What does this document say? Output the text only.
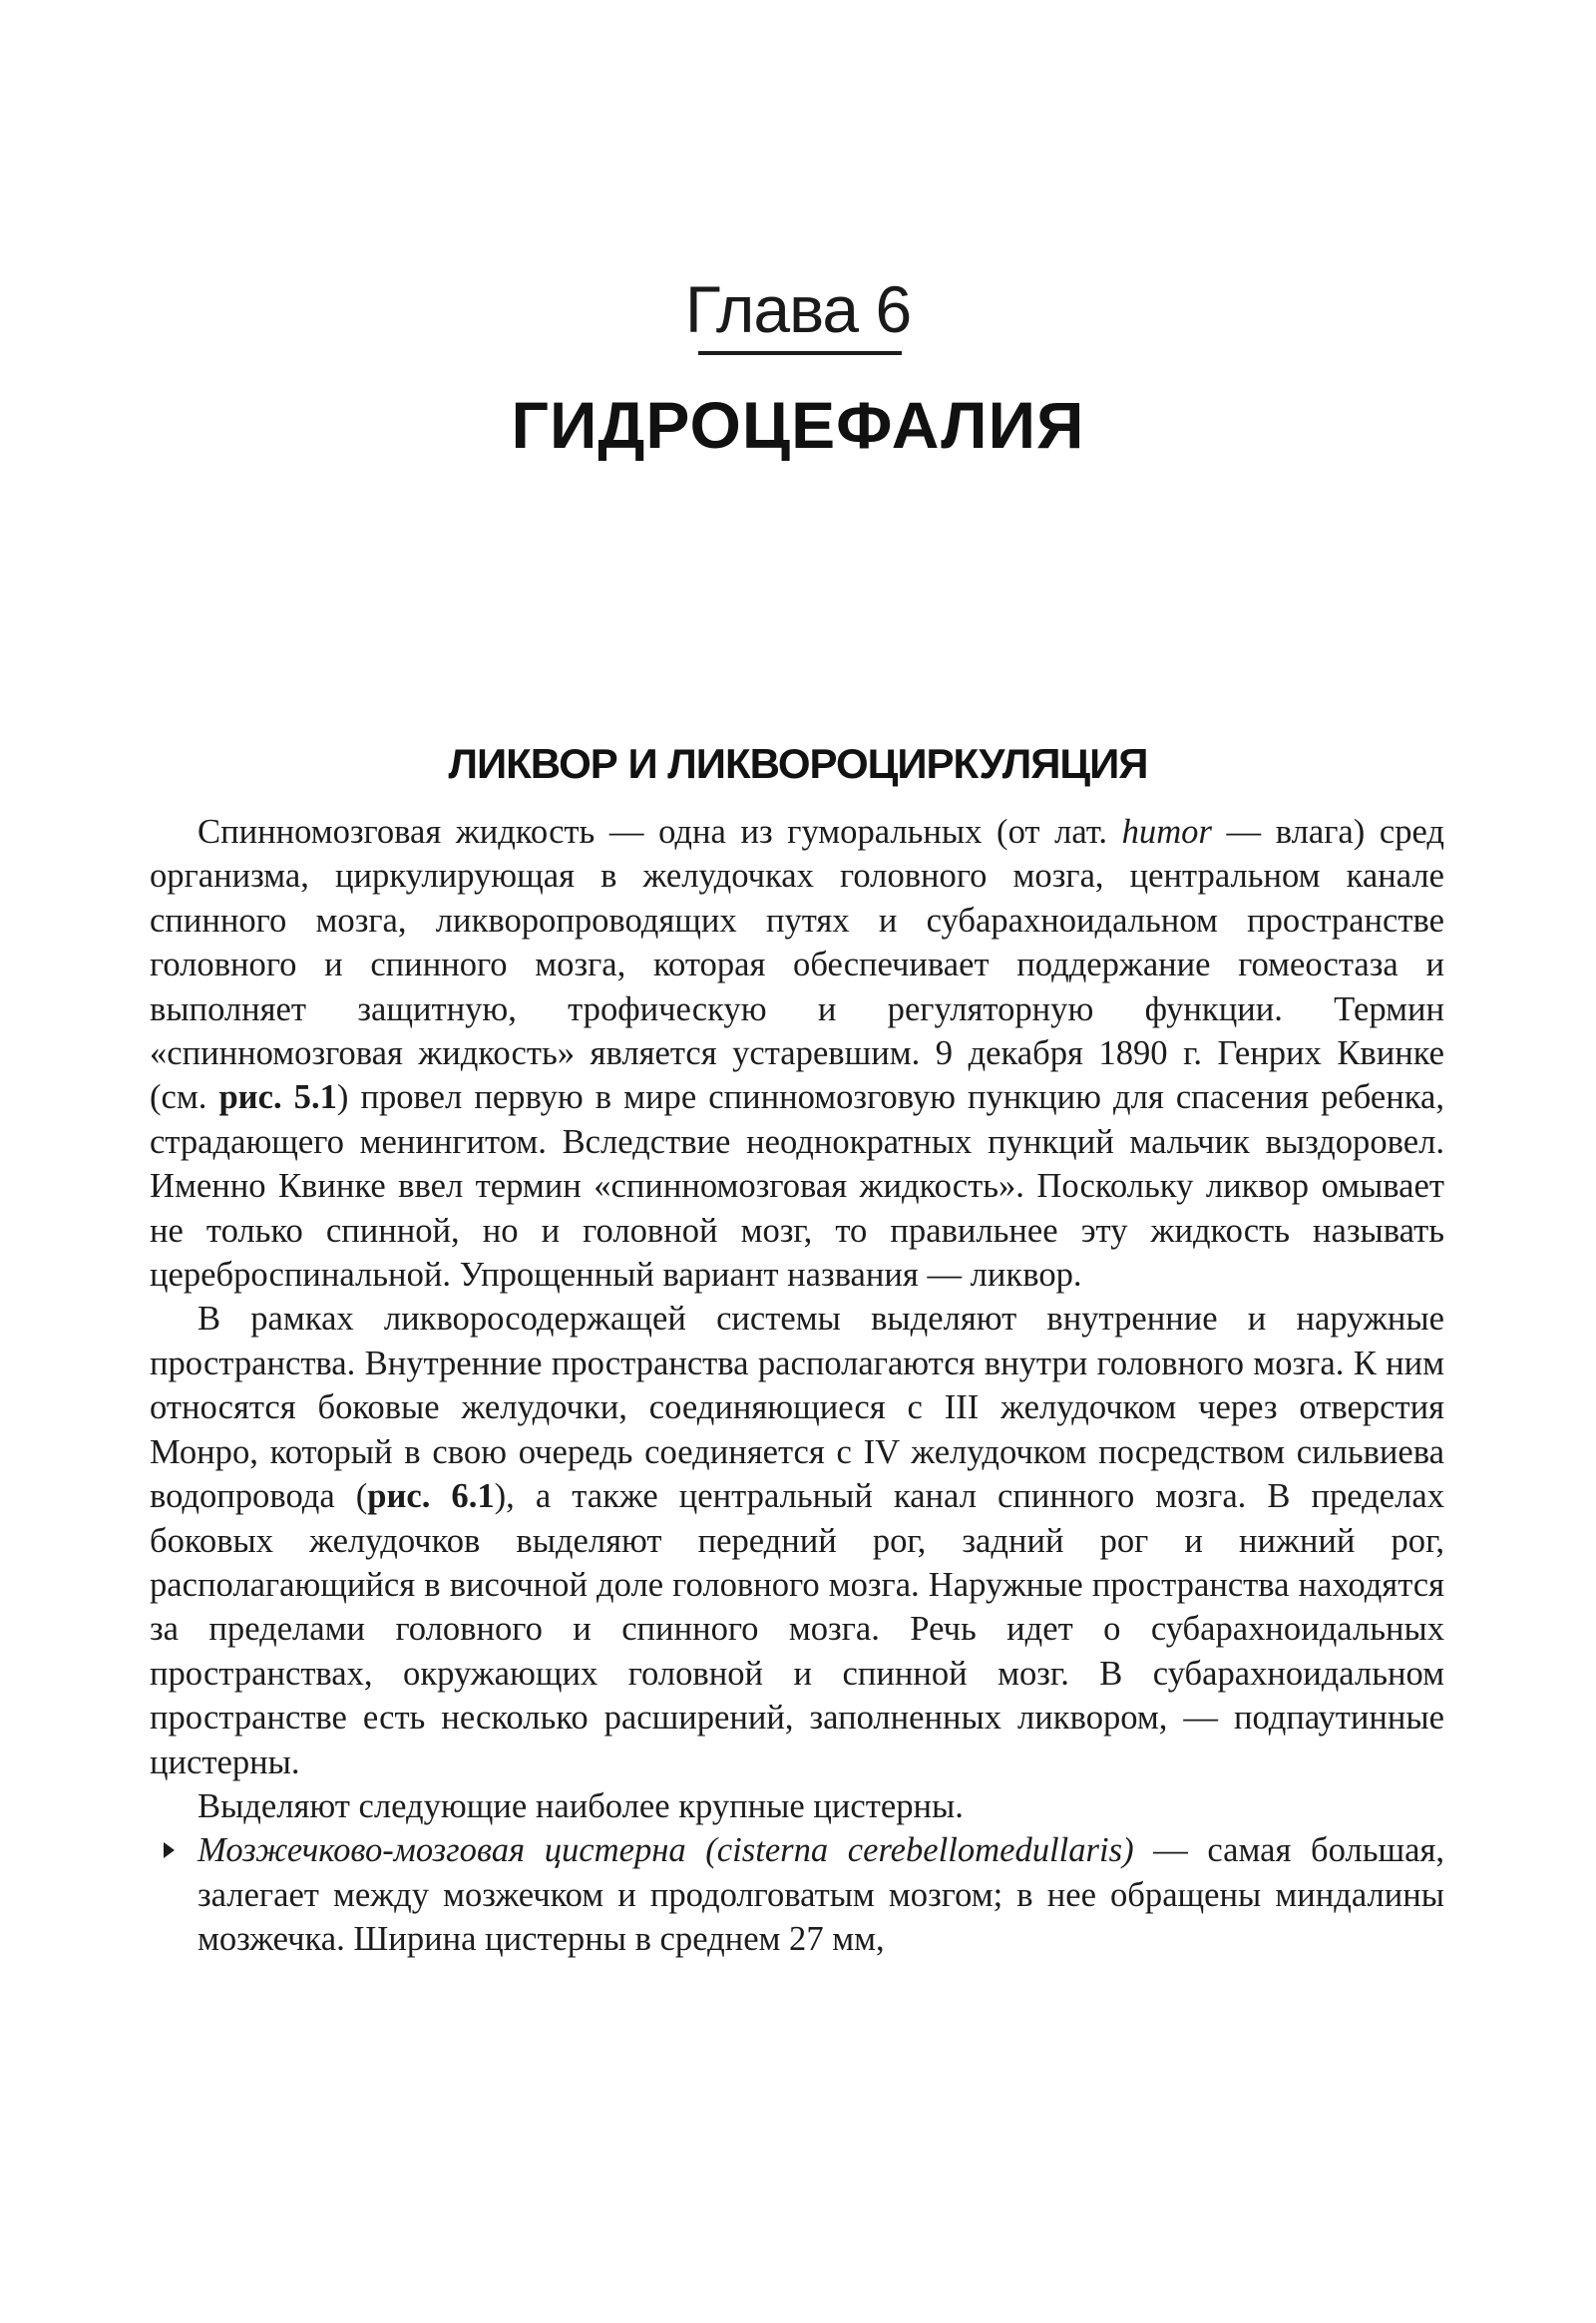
Глава 6
ГИДРОЦЕФАЛИЯ
ЛИКВОР И ЛИКВОРОЦИРКУЛЯЦИЯ

Спинномозговая жидкость — одна из гуморальных (от лат. humor — влага) сред организма, циркулирующая в желудочках головного мозга, центральном канале спинного мозга, ликворопроводящих путях и субарахноидальном пространстве головного и спинного мозга, которая обеспечивает поддержание гомеостаза и выполняет защитную, трофическую и регуляторную функции. Термин «спинномозговая жидкость» является устаревшим. 9 декабря 1890 г. Генрих Квинке (см. рис. 5.1) провел первую в мире спинномозговую пункцию для спасения ребенка, страдающего менингитом. Вследствие неоднократных пункций мальчик выздоровел. Именно Квинке ввел термин «спинномозговая жидкость». Поскольку ликвор омывает не только спинной, но и головной мозг, то правильнее эту жидкость называть цереброспинальной. Упрощенный вариант названия — ликвор.

В рамках ликворосодержащей системы выделяют внутренние и наружные пространства. Внутренние пространства располагаются внутри головного мозга. К ним относятся боковые желудочки, соединяющиеся с III желудочком через отверстия Монро, который в свою очередь соединяется с IV желудочком посредством сильвиева водопровода (рис. 6.1), а также центральный канал спинного мозга. В пределах боковых желудочков выделяют передний рог, задний рог и нижний рог, располагающийся в височной доле головного мозга. Наружные пространства находятся за пределами головного и спинного мозга. Речь идет о субарахноидальных пространствах, окружающих головной и спинной мозг. В субарахноидальном пространстве есть несколько расширений, заполненных ликвором, — подпаутинные цистерны.

Выделяют следующие наиболее крупные цистерны.

Мозжечково-мозговая цистерна (cisterna cerebellomedullaris) — самая большая, залегает между мозжечком и продолговатым мозгом; в нее обращены миндалины мозжечка. Ширина цистерны в среднем 27 мм,
